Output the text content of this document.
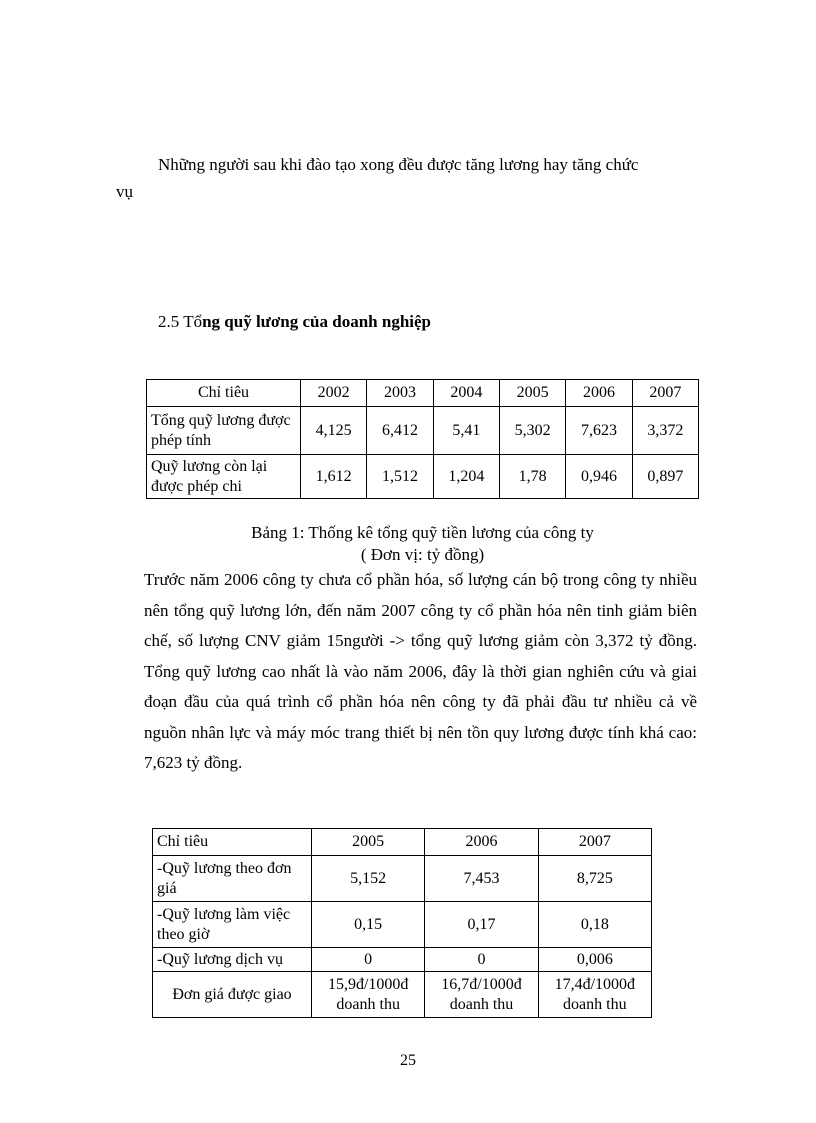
Những người sau khi đào tạo xong đều được tăng lương hay tăng chức
vụ
2.5 Tổng quỹ lương của doanh nghiệp
Chỉ tiêu	2002	2003	2004	2005	2006	2007
Tổng quỹ lương được phép tính	4,125	6,412	5,41	5,302	7,623	3,372
Quỹ lương còn lại được phép chi	1,612	1,512	1,204	1,78	0,946	0,897
Bảng 1: Thống kê tổng quỹ tiền lương của công ty
( Đơn vị: tỷ đồng)
Trước năm 2006 công ty chưa cổ phần hóa, số lượng cán bộ trong công ty nhiều nên tổng quỹ lương lớn, đến năm 2007 công ty cổ phần hóa nên tinh giảm biên chế, số lượng CNV giảm 15người -> tổng quỹ lương giảm còn 3,372 tỷ đồng. Tổng quỹ lương cao nhất là vào năm 2006, đây là thời gian nghiên cứu và giai đoạn đầu của quá trình cổ phần hóa nên công ty đã phải đầu tư nhiều cả về nguồn nhân lực và máy móc trang thiết bị nên tồn quy lương được tính khá cao: 7,623 tỷ đồng.
Chỉ tiêu	2005	2006	2007
-Quỹ lương theo đơn giá	5,152	7,453	8,725
-Quỹ lương làm việc theo giờ	0,15	0,17	0,18
-Quỹ lương dịch vụ	0	0	0,006
Đơn giá được giao	15,9đ/1000đ doanh thu	16,7đ/1000đ doanh thu	17,4đ/1000đ doanh thu
25
